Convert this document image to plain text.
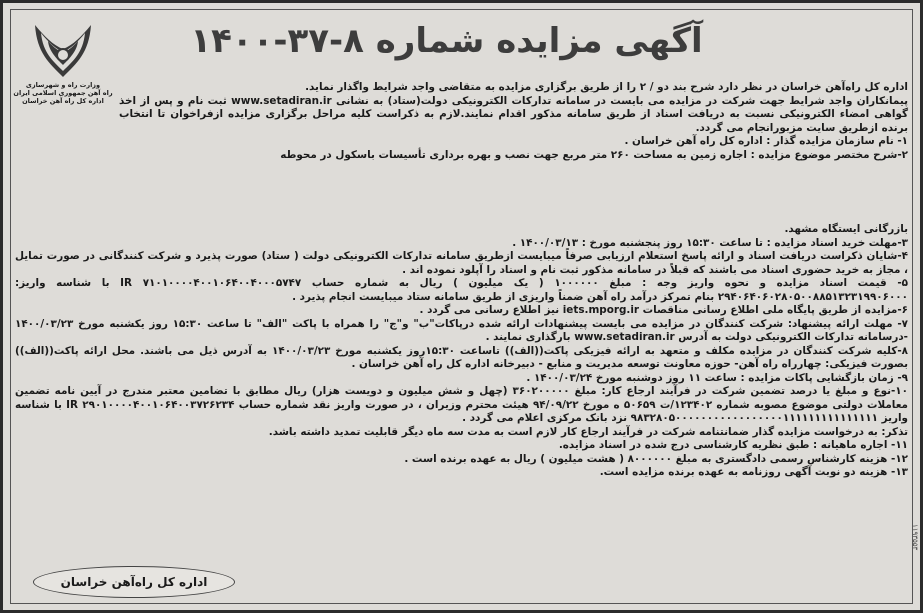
وزارت راه و شهرسازی
راه آهن جمهوری اسلامی ایران
اداره کل راه آهن خراسان
آگهی مزایده شماره ۸-۳۷-۱۴۰۰

اداره کل راه‌آهن خراسان در نظر دارد شرح بند دو / ۲ را از طریق برگزاری مزایده به متقاضی واجد شرایط واگذار نماید.

پیمانکاران واجد شرایط جهت شرکت در مزایده می بایست در سامانه تدارکات الکترونیکی دولت(ستاد) به نشانی www.setadiran.ir ثبت نام و پس از اخذ گواهی امضاء الکترونیکی نسبت به دریافت اسناد از طریق سامانه مذکور اقدام نمایند.لازم به ذکراست کلیه مراحل برگزاری مزایده ازفراخوان تا انتخاب برنده ازطریق سایت مزبورانجام می گردد.

۱- نام سازمان مزایده گذار : اداره کل راه آهن خراسان .

۲-شرح مختصر موضوع مزایده : اجاره زمین به مساحت ۲۶۰ متر مربع جهت نصب و بهره برداری تأسیسات باسکول در محوطه

بازرگانی ایستگاه مشهد.

۳-مهلت خرید اسناد مزایده : تا ساعت ۱۵:۳۰ روز پنجشنبه مورخ : ۱۴۰۰/۰۳/۱۳ .

۴-شایان ذکراست دریافت اسناد و ارائه پاسخ استعلام ارزیابی صرفاً میبایست ازطریق سامانه تدارکات الکترونیکی دولت ( ستاد) صورت پذیرد و شرکت کنندگانی در صورت تمایل ، مجاز به خرید حضوری اسناد می باشند که قبلاً در سامانه مذکور ثبت نام و اسناد را آپلود نموده اند .

۵- قیمت اسناد مزایده و نحوه واریز وجه : مبلغ ۱۰۰۰۰۰۰ ( یک میلیون ) ریال به شماره حساب IR ۷۱۰۱۰۰۰۰۴۰۰۱۰۶۴۰۰۴۰۰۰۵۷۴۷ با شناسه واریز: ۲۹۴۰۶۴۰۶۰۲۸۰۵۰۰۸۸۵۱۳۲۳۱۹۹۰۶۰۰۰ بنام تمرکز درآمد راه آهن ضمناً واریزی از طریق سامانه ستاد میبایست انجام پذیرد .

۶-مزایده از طریق پایگاه ملی اطلاع رسانی مناقصات iets.mporg.ir نیز اطلاع رسانی می گردد .

۷- مهلت ارائه پیشنهاد: شرکت کنندگان در مزایده می بایست پیشنهادات ارائه شده درپاکات"ب" و"ج" را همراه با پاکت "الف" تا ساعت ۱۵:۳۰ روز یکشنبه مورخ ۱۴۰۰/۰۳/۲۳ -درسامانه تدارکات الکترونیکی دولت به آدرس www.setadiran.ir بارگذاری نمایند .

۸-کلیه شرکت کنندگان در مزایده مکلف و متعهد به ارائه فیزیکی پاکت((الف)) تاساعت ۱۵:۳۰روز یکشنبه مورخ ۱۴۰۰/۰۳/۲۳ به آدرس ذیل می باشند. محل ارائه پاکت((الف)) بصورت فیزیکی: چهارراه راه آهن- حوزه معاونت توسعه مدیریت و منابع - دبیرخانه اداره کل راه آهن خراسان .

۹- زمان بازگشایی پاکات مزایده : ساعت ۱۱ روز دوشنبه مورخ ۱۴۰۰/۰۳/۲۴ .

۱۰-نوع و مبلغ یا درصد تضمین شرکت در فرآیند ارجاع کار: مبلغ ۳۶۰۲۰۰۰۰۰ (چهل و شش میلیون و دویست هزار) ریال مطابق با تضامین معتبر مندرج در آیین نامه تضمین معاملات دولتی موضوع مصوبه شماره ۱۲۳۴۰۲/ت ۵۰۶۵۹ ه مورخ ۹۴/۰۹/۲۲ هیئت محترم وزیران ، در صورت واریز نقد شماره حساب IR ۲۹۰۱۰۰۰۰۴۰۰۱۰۶۴۰۰۳۷۲۶۲۳۴ با شناسه واریز ۹۸۳۲۸۰۵۰۰۰۰۰۰۰۰۰۰۰۰۰۰۰۰۰۱۱۱۱۱۱۱۱۱۱۱۱۱۱۱ نزد بانک مرکزی اعلام می گردد .

تذکر: به درخواست مزایده گذار ضمانتنامه شرکت در فرآیند ارجاع کار لازم است به مدت سه ماه دیگر قابلیت تمدید داشته باشد.

۱۱- اجاره ماهیانه : طبق نظریه کارشناسی درج شده در اسناد مزایده.

۱۲- هزینه کارشناس رسمی دادگستری به مبلغ ۸۰۰۰۰۰۰ ( هشت میلیون ) ریال به عهده برنده است .

۱۳- هزینه دو نوبت آگهی روزنامه به عهده برنده مزایده است.

اداره کل راه‌آهن خراسان
۱۱۹۳۵۵۳
